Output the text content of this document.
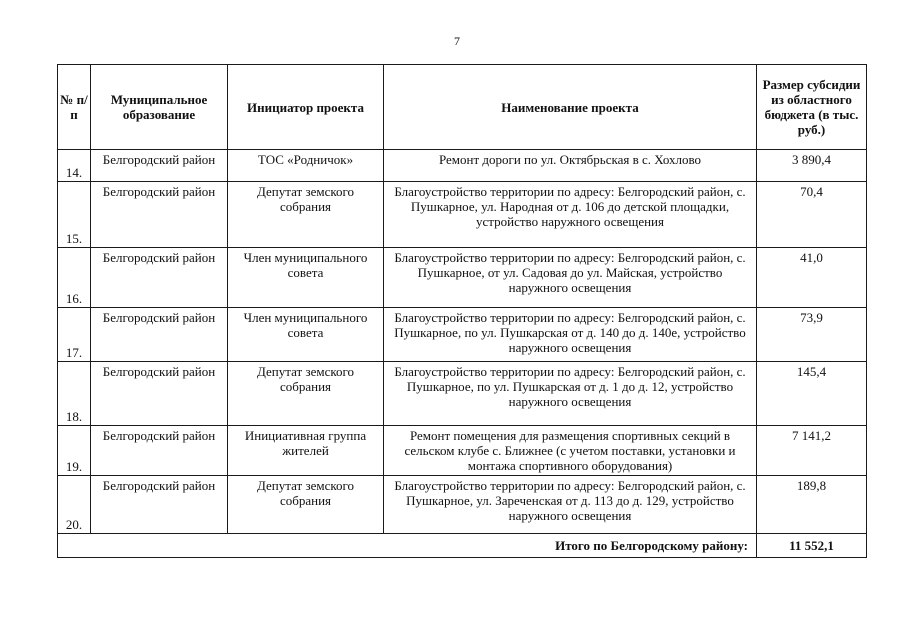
7
№ п/п	Муниципальное образование	Инициатор проекта	Наименование проекта	Размер субсидии из областного бюджета (в тыс. руб.)
14.	Белгородский район	ТОС «Родничок»	Ремонт дороги по ул. Октябрьская в с. Хохлово	3 890,4
15.	Белгородский район	Депутат земского собрания	Благоустройство территории по адресу: Белгородский район, с. Пушкарное, ул. Народная от д. 106 до детской площадки, устройство наружного освещения	70,4
16.	Белгородский район	Член муниципального совета	Благоустройство территории по адресу: Белгородский район, с. Пушкарное, от ул. Садовая до ул. Майская, устройство наружного освещения	41,0
17.	Белгородский район	Член муниципального совета	Благоустройство территории по адресу: Белгородский район, с. Пушкарное, по ул. Пушкарская от д. 140 до д. 140е, устройство наружного освещения	73,9
18.	Белгородский район	Депутат земского собрания	Благоустройство территории по адресу: Белгородский район, с. Пушкарное, по ул. Пушкарская от д. 1 до д. 12, устройство наружного освещения	145,4
19.	Белгородский район	Инициативная группа жителей	Ремонт помещения для размещения спортивных секций в сельском клубе с. Ближнее (с учетом поставки, установки и монтажа спортивного оборудования)	7 141,2
20.	Белгородский район	Депутат земского собрания	Благоустройство территории по адресу: Белгородский район, с. Пушкарное, ул. Зареченская от д. 113 до д. 129, устройство наружного освещения	189,8
Итого по Белгородскому району:				11 552,1
